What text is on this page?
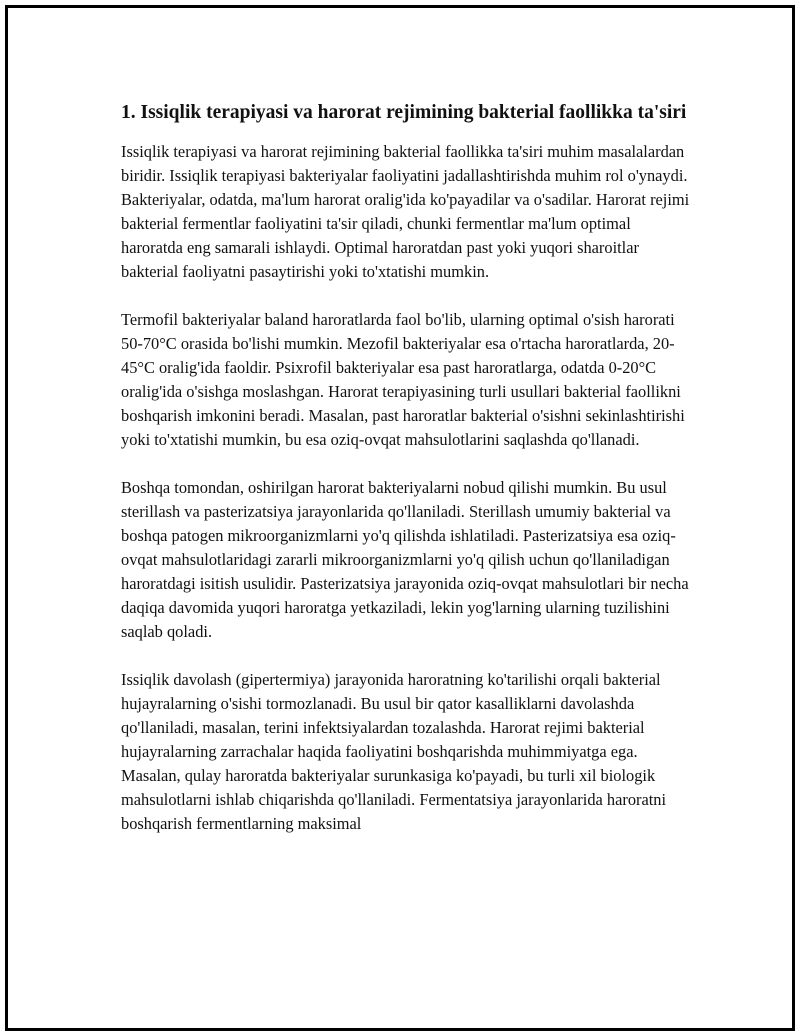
1. Issiqlik terapiyasi va harorat rejimining bakterial faollikka ta'siri

Issiqlik terapiyasi va harorat rejimining bakterial faollikka ta'siri muhim masalalardan biridir. Issiqlik terapiyasi bakteriyalar faoliyatini jadallashtirishda muhim rol o'ynaydi. Bakteriyalar, odatda, ma'lum harorat oralig'ida ko'payadilar va o'sadilar. Harorat rejimi bakterial fermentlar faoliyatini ta'sir qiladi, chunki fermentlar ma'lum optimal haroratda eng samarali ishlaydi. Optimal haroratdan past yoki yuqori sharoitlar bakterial faoliyatni pasaytirishi yoki to'xtatishi mumkin.

Termofil bakteriyalar baland haroratlarda faol bo'lib, ularning optimal o'sish harorati 50-70°C orasida bo'lishi mumkin. Mezofil bakteriyalar esa o'rtacha haroratlarda, 20-45°C oralig'ida faoldir. Psixrofil bakteriyalar esa past haroratlarga, odatda 0-20°C oralig'ida o'sishga moslashgan. Harorat terapiyasining turli usullari bakterial faollikni boshqarish imkonini beradi. Masalan, past haroratlar bakterial o'sishni sekinlashtirishi yoki to'xtatishi mumkin, bu esa oziq-ovqat mahsulotlarini saqlashda qo'llanadi.

Boshqa tomondan, oshirilgan harorat bakteriyalarni nobud qilishi mumkin. Bu usul sterillash va pasterizatsiya jarayonlarida qo'llaniladi. Sterillash umumiy bakterial va boshqa patogen mikroorganizmlarni yo'q qilishda ishlatiladi. Pasterizatsiya esa oziq-ovqat mahsulotlaridagi zararli mikroorganizmlarni yo'q qilish uchun qo'llaniladigan haroratdagi isitish usulidir. Pasterizatsiya jarayonida oziq-ovqat mahsulotlari bir necha daqiqa davomida yuqori haroratga yetkaziladi, lekin yog'larning ularning tuzilishini saqlab qoladi.

Issiqlik davolash (gipertermiya) jarayonida haroratning ko'tarilishi orqali bakterial hujayralarning o'sishi tormozlanadi. Bu usul bir qator kasalliklarni davolashda qo'llaniladi, masalan, terini infektsiyalardan tozalashda. Harorat rejimi bakterial hujayralarning zarrachalar haqida faoliyatini boshqarishda muhimmiyatga ega. Masalan, qulay haroratda bakteriyalar surunkasiga ko'payadi, bu turli xil biologik mahsulotlarni ishlab chiqarishda qo'llaniladi. Fermentatsiya jarayonlarida haroratni boshqarish fermentlarning maksimal
